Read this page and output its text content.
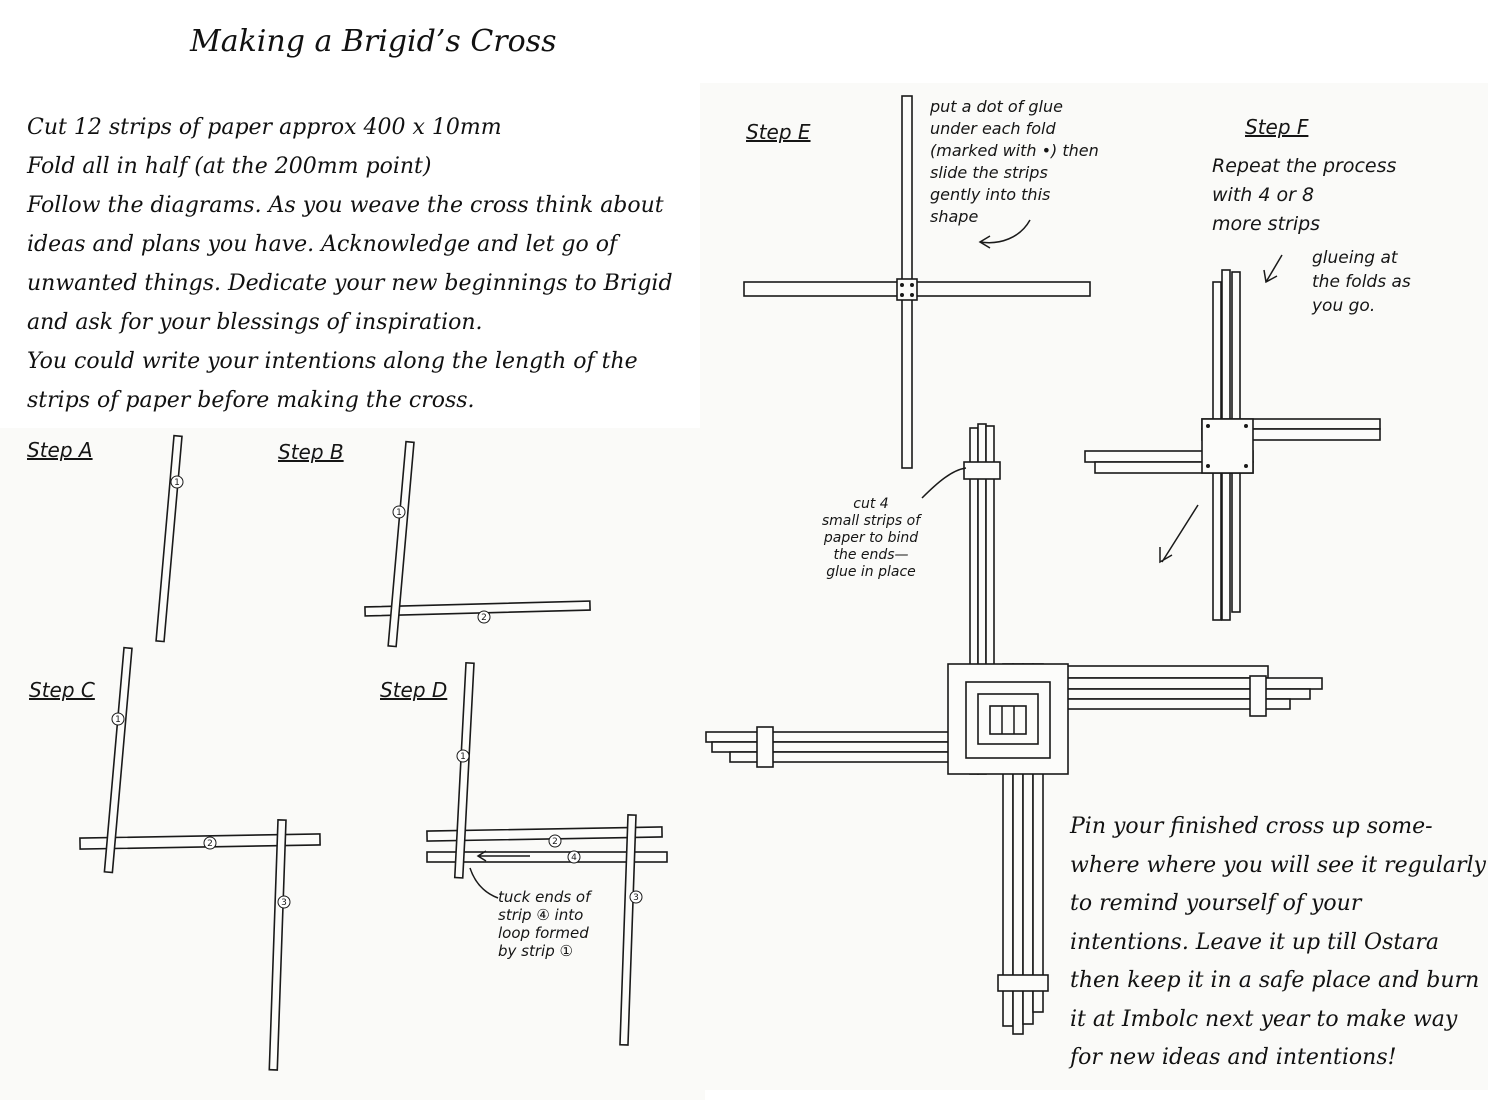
Making a Brigid’s Cross
Cut 12 strips of paper approx 400 x 10mm
Fold all in half (at the 200mm point)
Follow the diagrams. As you weave the cross think about
ideas and plans you have. Acknowledge and let go of
unwanted things. Dedicate your new beginnings to Brigid
and ask for your blessings of inspiration.
You could write your intentions along the length of the
strips of paper before making the cross.
1
1
2
1
2
3
1
2
4
3
Step A	Step B
Step C	Step D
Step E	Step F
tuck ends of
strip ④ into
loop formed
by strip ①
put a dot of glue
under each fold
(marked with •) then
slide the strips
gently into this
shape
Repeat the process
with 4 or 8
more strips
glueing at
the folds as
you go.
cut 4
small strips of
paper to bind
the ends—
glue in place
Pin your finished cross up some-
where where you will see it regularly
to remind yourself of your
intentions. Leave it up till Ostara
then keep it in a safe place and burn
it at Imbolc next year to make way
for new ideas and intentions!
